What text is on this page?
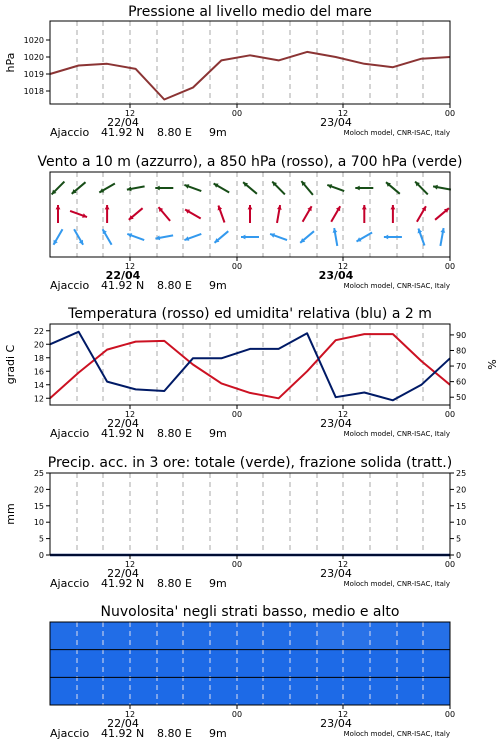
Pressione al livello medio del mare
1018
1019
1020
1020
hPa
12	00	12	00
22/04	23/04
Ajaccio 41.92 N 8.80 E 9m	Moloch model, CNR-ISAC, Italy
Vento a 10 m (azzurro), a 850 hPa (rosso), a 700 hPa (verde)
12	00	12	00
22/04	23/04
Ajaccio 41.92 N 8.80 E 9m	Moloch model, CNR-ISAC, Italy
Temperatura (rosso) ed umidita' relativa (blu) a 2 m
12
14
16
18
20
22
gradi C
50
60
70
80
90
%
12	00	12	00
22/04	23/04
Ajaccio 41.92 N 8.80 E 9m	Moloch model, CNR-ISAC, Italy
Precip. acc. in 3 ore: totale (verde), frazione solida (tratt.)
0
5
10
15
20
25
mm
0
5
10
15
20
25
12	00	12	00
22/04	23/04
Ajaccio 41.92 N 8.80 E 9m	Moloch model, CNR-ISAC, Italy
Nuvolosita' negli strati basso, medio e alto
12	00	12	00
22/04	23/04
Ajaccio 41.92 N 8.80 E 9m	Moloch model, CNR-ISAC, Italy
